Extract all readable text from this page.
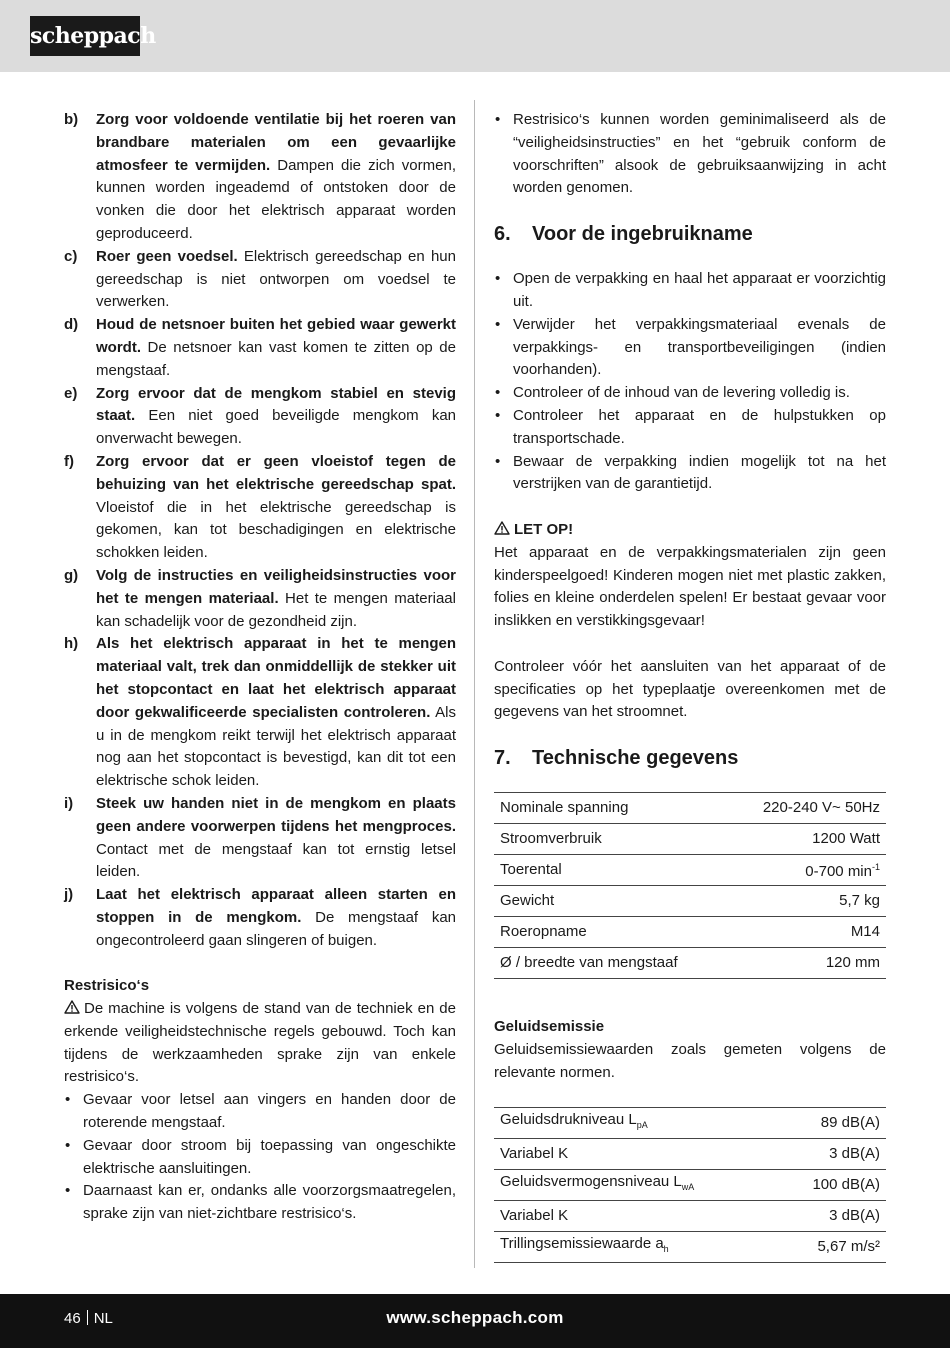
scheppach
b)	Zorg voor voldoende ventilatie bij het roeren van brandbare materialen om een gevaarlijke atmosfeer te vermijden. Dampen die zich vormen, kunnen worden ingeademd of ontstoken door de vonken die door het elektrisch apparaat worden geproduceerd.
c)	Roer geen voedsel. Elektrisch gereedschap en hun gereedschap is niet ontworpen om voedsel te verwerken.
d)	Houd de netsnoer buiten het gebied waar gewerkt wordt. De netsnoer kan vast komen te zitten op de mengstaaf.
e)	Zorg ervoor dat de mengkom stabiel en stevig staat. Een niet goed beveiligde mengkom kan onverwacht bewegen.
f)	Zorg ervoor dat er geen vloeistof tegen de behuizing van het elektrische gereedschap spat. Vloeistof die in het elektrische gereedschap is gekomen, kan tot beschadigingen en elektrische schokken leiden.
g)	Volg de instructies en veiligheidsinstructies voor het te mengen materiaal. Het te mengen materiaal kan schadelijk voor de gezondheid zijn.
h)	Als het elektrisch apparaat in het te mengen materiaal valt, trek dan onmiddellijk de stekker uit het stopcontact en laat het elektrisch apparaat door gekwalificeerde specialisten controleren. Als u in de mengkom reikt terwijl het elektrisch apparaat nog aan het stopcontact is bevestigd, kan dit tot een elektrische schok leiden.
i)	Steek uw handen niet in de mengkom en plaats geen andere voorwerpen tijdens het mengproces. Contact met de mengstaaf kan tot ernstig letsel leiden.
j)	Laat het elektrisch apparaat alleen starten en stoppen in de mengkom. De mengstaaf kan ongecontroleerd gaan slingeren of buigen.
Restrisico‘s
De machine is volgens de stand van de techniek en de erkende veiligheidstechnische regels gebouwd. Toch kan tijdens de werkzaamheden sprake zijn van enkele restrisico‘s.
• Gevaar voor letsel aan vingers en handen door de roterende mengstaaf.
• Gevaar door stroom bij toepassing van ongeschikte elektrische aansluitingen.
• Daarnaast kan er, ondanks alle voorzorgsmaatregelen, sprake zijn van niet-zichtbare restrisico‘s.
• Restrisico‘s kunnen worden geminimaliseerd als de “veiligheidsinstructies” en het “gebruik conform de voorschriften” alsook de gebruiksaanwijzing in acht worden genomen.
6.	Voor de ingebruikname
• Open de verpakking en haal het apparaat er voorzichtig uit.
• Verwijder het verpakkingsmateriaal evenals de verpakkings- en transportbeveiligingen (indien voorhanden).
• Controleer of de inhoud van de levering volledig is.
• Controleer het apparaat en de hulpstukken op transportschade.
• Bewaar de verpakking indien mogelijk tot na het verstrijken van de garantietijd.
LET OP!
Het apparaat en de verpakkingsmaterialen zijn geen kinderspeelgoed! Kinderen mogen niet met plastic zakken, folies en kleine onderdelen spelen! Er bestaat gevaar voor inslikken en verstikkingsgevaar!
Controleer vóór het aansluiten van het apparaat of de specificaties op het typeplaatje overeenkomen met de gegevens van het stroomnet.
7.	Technische gegevens
Nominale spanning	220-240 V~ 50Hz
Stroomverbruik	1200 Watt
Toerental	0-700 $\min^{-1}$
Gewicht	5,7 kg
Roeropname	M14
Ø / breedte van mengstaaf	120 mm
Geluidsemissie
Geluidsemissiewaarden zoals gemeten volgens de relevante normen.
Geluidsdrukniveau $L_{pA}$	89 dB(A)
Variabel K	3 dB(A)
Geluidsvermogensniveau $L_{wA}$	100 dB(A)
Variabel K	3 dB(A)
Trillingsemissiewaarde $a_h$	5,67 m/s²
46 NL	www.scheppach.com
